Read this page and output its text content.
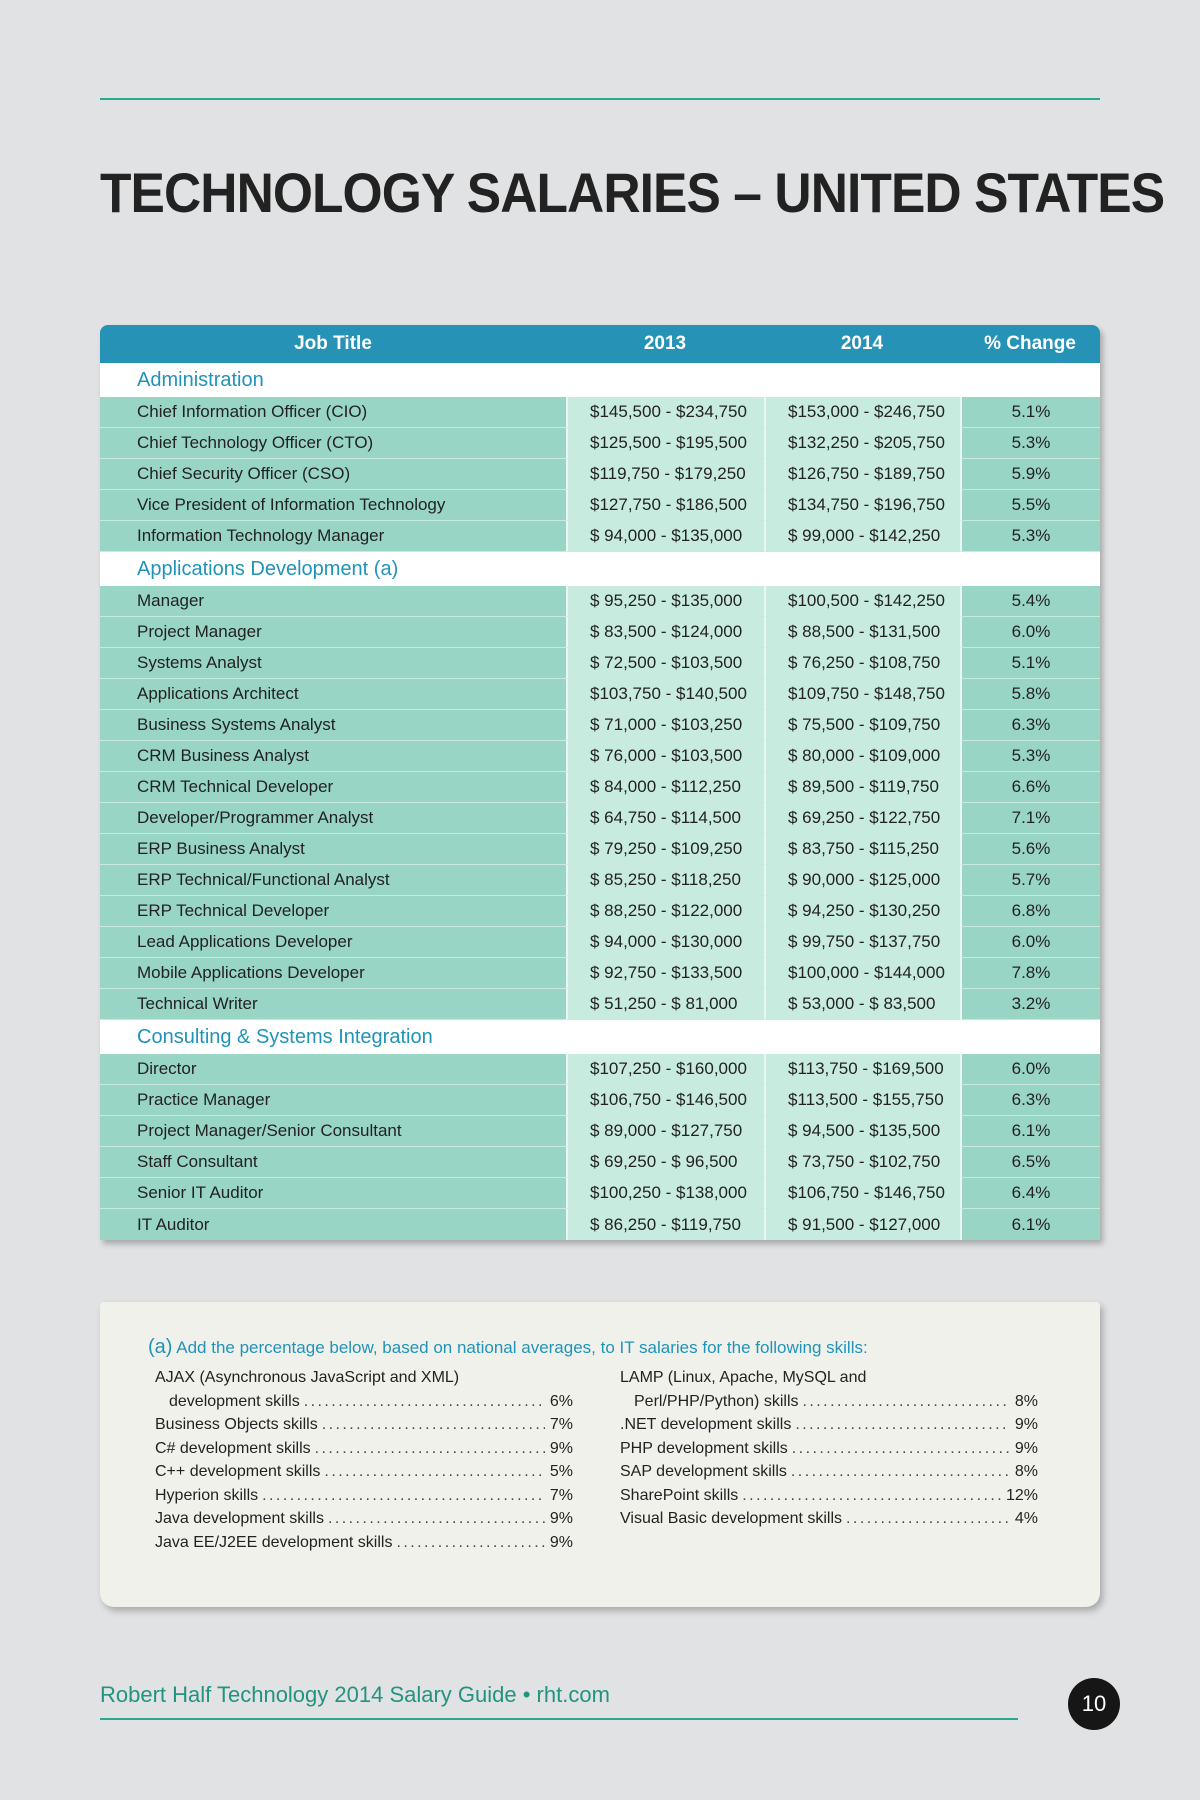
TECHNOLOGY SALARIES – UNITED STATES
Job Title	2013	2014	% Change
Administration
Chief Information Officer (CIO)	$145,500 - $234,750	$153,000 - $246,750	5.1%
Chief Technology Officer (CTO)	$125,500 - $195,500	$132,250 - $205,750	5.3%
Chief Security Officer (CSO)	$119,750 - $179,250	$126,750 - $189,750	5.9%
Vice President of Information Technology	$127,750 - $186,500	$134,750 - $196,750	5.5%
Information Technology Manager	$ 94,000 - $135,000	$ 99,000 - $142,250	5.3%
Applications Development (a)
Manager	$ 95,250 - $135,000	$100,500 - $142,250	5.4%
Project Manager	$ 83,500 - $124,000	$ 88,500 - $131,500	6.0%
Systems Analyst	$ 72,500 - $103,500	$ 76,250 - $108,750	5.1%
Applications Architect	$103,750 - $140,500	$109,750 - $148,750	5.8%
Business Systems Analyst	$ 71,000 - $103,250	$ 75,500 - $109,750	6.3%
CRM Business Analyst	$ 76,000 - $103,500	$ 80,000 - $109,000	5.3%
CRM Technical Developer	$ 84,000 - $112,250	$ 89,500 - $119,750	6.6%
Developer/Programmer Analyst	$ 64,750 - $114,500	$ 69,250 - $122,750	7.1%
ERP Business Analyst	$ 79,250 - $109,250	$ 83,750 - $115,250	5.6%
ERP Technical/Functional Analyst	$ 85,250 - $118,250	$ 90,000 - $125,000	5.7%
ERP Technical Developer	$ 88,250 - $122,000	$ 94,250 - $130,250	6.8%
Lead Applications Developer	$ 94,000 - $130,000	$ 99,750 - $137,750	6.0%
Mobile Applications Developer	$ 92,750 - $133,500	$100,000 - $144,000	7.8%
Technical Writer	$ 51,250 - $ 81,000	$ 53,000 - $ 83,500	3.2%
Consulting & Systems Integration
Director	$107,250 - $160,000	$113,750 - $169,500	6.0%
Practice Manager	$106,750 - $146,500	$113,500 - $155,750	6.3%
Project Manager/Senior Consultant	$ 89,000 - $127,750	$ 94,500 - $135,500	6.1%
Staff Consultant	$ 69,250 - $ 96,500	$ 73,750 - $102,750	6.5%
Senior IT Auditor	$100,250 - $138,000	$106,750 - $146,750	6.4%
IT Auditor	$ 86,250 - $119,750	$ 91,500 - $127,000	6.1%
(a) Add the percentage below, based on national averages, to IT salaries for the following skills:
AJAX (Asynchronous JavaScript and XML)
development skills . . .	6%
Business Objects skills . . .	7%
C# development skills . . .	9%
C++ development skills . . .	5%
Hyperion skills . . .	7%
Java development skills . . .	9%
Java EE/J2EE development skills . . .	9%
LAMP (Linux, Apache, MySQL and
Perl/PHP/Python) skills . . .	8%
.NET development skills . . .	9%
PHP development skills . . .	9%
SAP development skills . . .	8%
SharePoint skills . . .	12%
Visual Basic development skills . . .	4%
Robert Half Technology 2014 Salary Guide • rht.com	10
